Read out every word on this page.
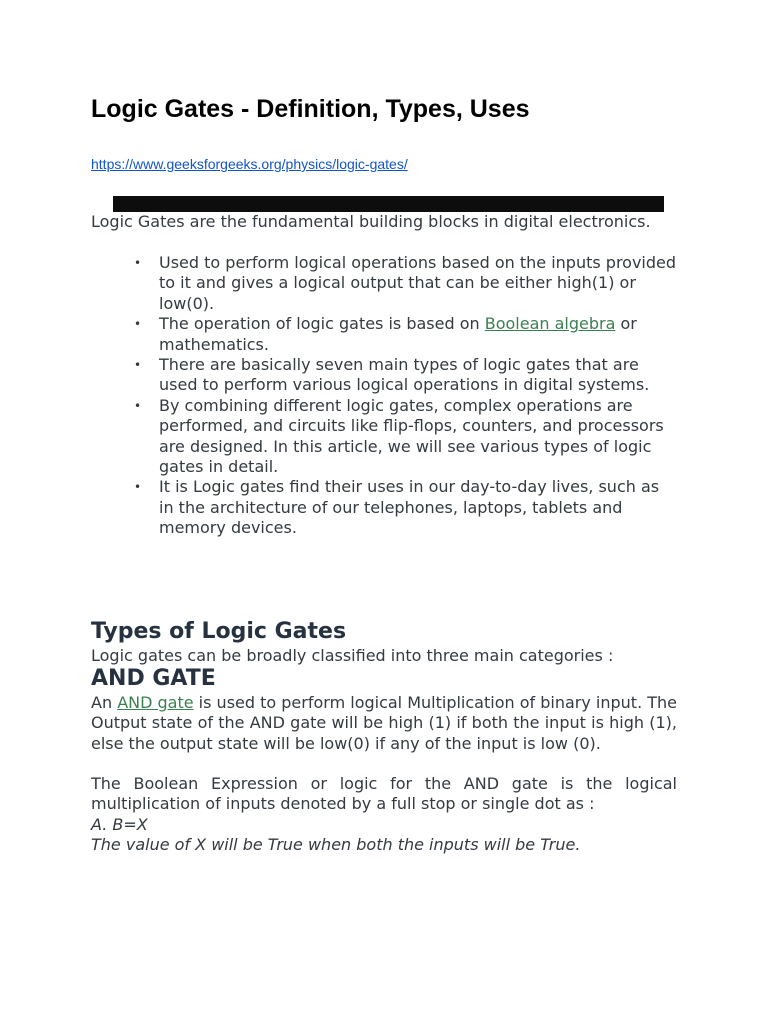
Logic Gates - Definition, Types, Uses
https://www.geeksforgeeks.org/physics/logic-gates/

Logic Gates are the fundamental building blocks in digital electronics.

• Used to perform logical operations based on the inputs provided to it and gives a logical output that can be either high(1) or low(0).
• The operation of logic gates is based on Boolean algebra or mathematics.
• There are basically seven main types of logic gates that are used to perform various logical operations in digital systems.
• By combining different logic gates, complex operations are performed, and circuits like flip-flops, counters, and processors are designed. In this article, we will see various types of logic gates in detail.
• It is Logic gates find their uses in our day-to-day lives, such as in the architecture of our telephones, laptops, tablets and memory devices.
Types of Logic Gates

Logic gates can be broadly classified into three main categories :

AND GATE

An AND gate is used to perform logical Multiplication of binary input. The Output state of the AND gate will be high (1) if both the input is high (1), else the output state will be low(0) if any of the input is low (0).

The Boolean Expression or logic for the AND gate is the logical multiplication of inputs denoted by a full stop or single dot as :

A. B=X

The value of X will be True when both the inputs will be True.
